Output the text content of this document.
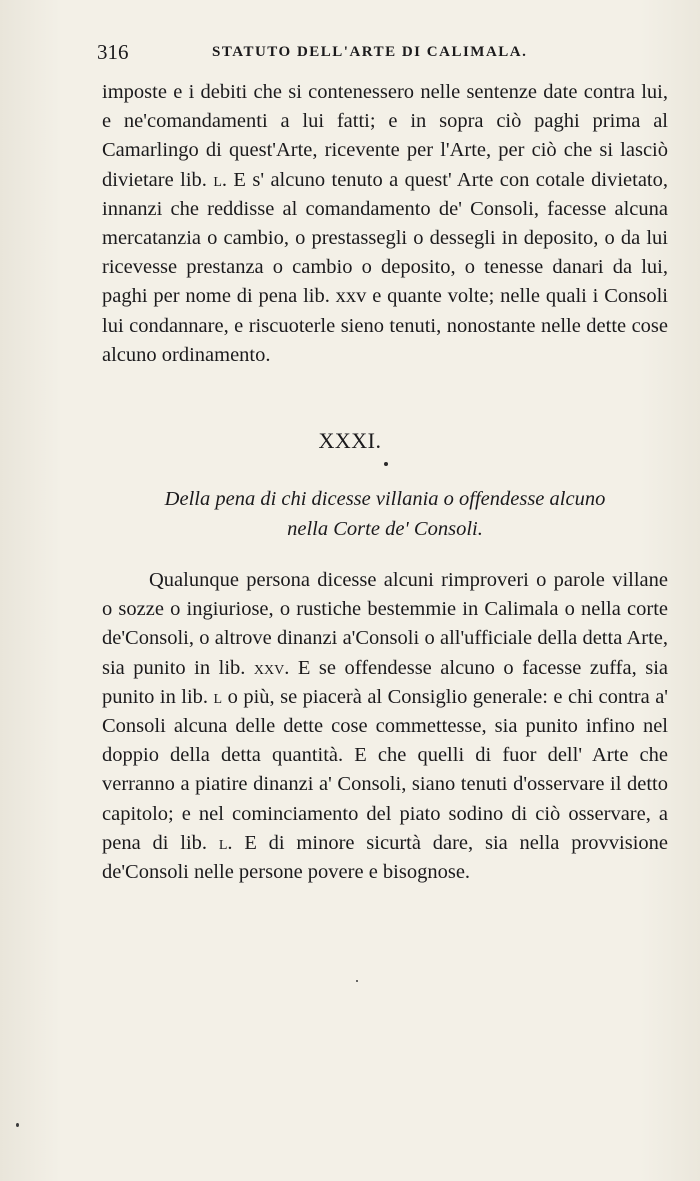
316	STATUTO DELL'ARTE DI CALIMALA.

imposte e i debiti che si contenessero nelle sentenze date contra lui, e ne'comandamenti a lui fatti; e in sopra ciò paghi prima al Camarlingo di quest'Arte, ricevente per l'Arte, per ciò che si lasciò divietare lib. l. E s' alcuno tenuto a quest' Arte con cotale divietato, innanzi che reddisse al comandamento de' Consoli, facesse alcuna mercatanzia o cambio, o prestassegli o dessegli in deposito, o da lui ricevesse prestanza o cambio o deposito, o tenesse danari da lui, paghi per nome di pena lib. xxv e quante volte; nelle quali i Consoli lui condannare, e riscuoterle sieno tenuti, nonostante nelle dette cose alcuno ordinamento.

XXXI.
Della pena di chi dicesse villania o offendesse alcuno
nella Corte de' Consoli.

Qualunque persona dicesse alcuni rimproveri o parole villane o sozze o ingiuriose, o rustiche bestemmie in Calimala o nella corte de'Consoli, o altrove dinanzi a'Consoli o all'ufficiale della detta Arte, sia punito in lib. xxv. E se offendesse alcuno o facesse zuffa, sia punito in lib. l o più, se piacerà al Consiglio generale: e chi contra a' Consoli alcuna delle dette cose commettesse, sia punito infino nel doppio della detta quantità. E che quelli di fuor dell' Arte che verranno a piatire dinanzi a' Consoli, siano tenuti d'osservare il detto capitolo; e nel cominciamento del piato sodino di ciò osservare, a pena di lib. l. E di minore sicurtà dare, sia nella provvisione de'Consoli nelle persone povere e bisognose.
